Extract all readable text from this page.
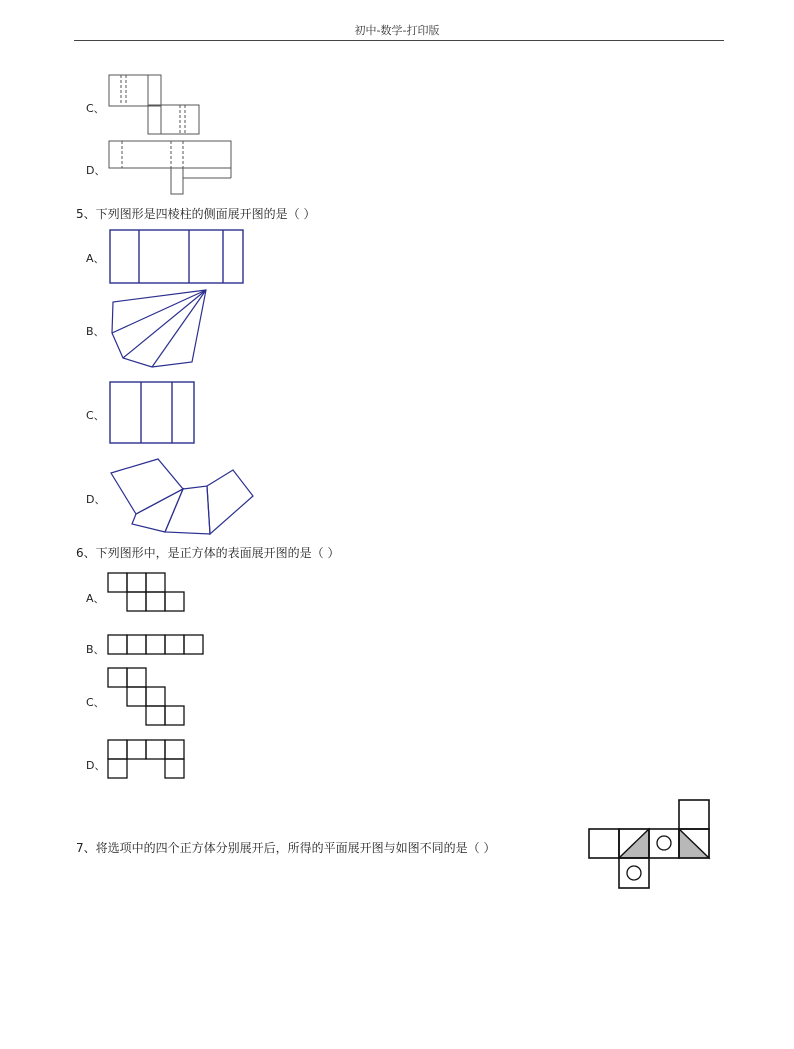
初中-数学-打印版
C、
D、
5、下列图形是四棱柱的侧面展开图的是（ ）
A、
B、
C、
D、
6、下列图形中，是正方体的表面展开图的是（ ）
A、
B、
C、
D、
7、将选项中的四个正方体分别展开后，所得的平面展开图与如图不同的是（ ）
